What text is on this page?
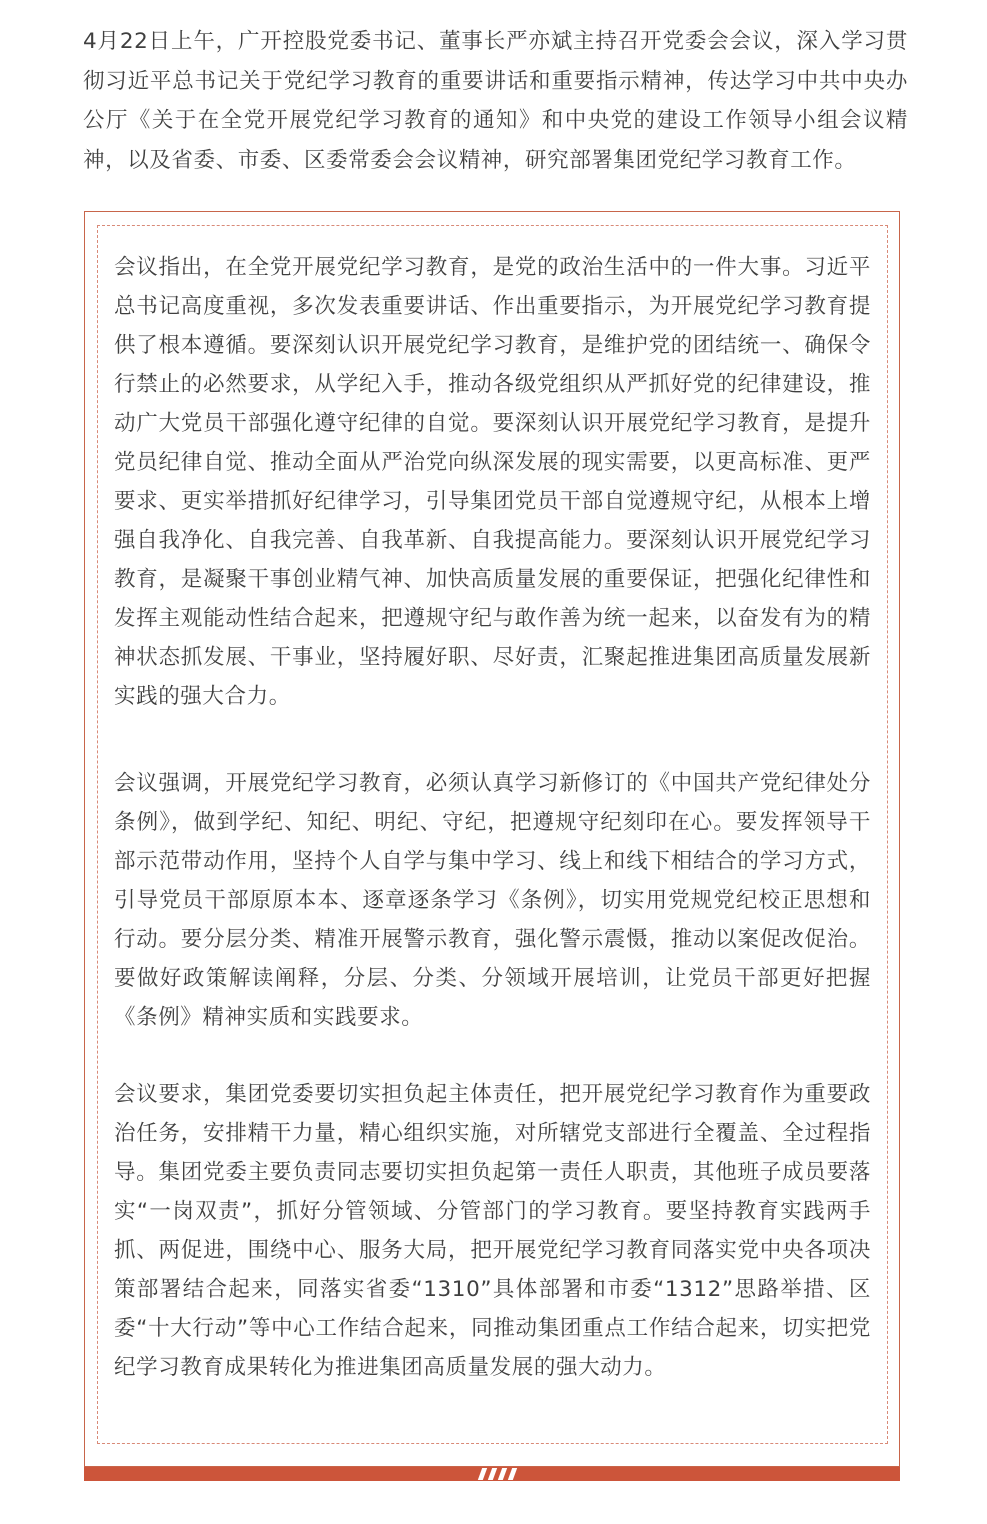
4月22日上午，广开控股党委书记、董事长严亦斌主持召开党委会会议，深入学习贯彻习近平总书记关于党纪学习教育的重要讲话和重要指示精神，传达学习中共中央办公厅《关于在全党开展党纪学习教育的通知》和中央党的建设工作领导小组会议精神，以及省委、市委、区委常委会会议精神，研究部署集团党纪学习教育工作。

会议指出，在全党开展党纪学习教育，是党的政治生活中的一件大事。习近平总书记高度重视，多次发表重要讲话、作出重要指示，为开展党纪学习教育提供了根本遵循。要深刻认识开展党纪学习教育，是维护党的团结统一、确保令行禁止的必然要求，从学纪入手，推动各级党组织从严抓好党的纪律建设，推动广大党员干部强化遵守纪律的自觉。要深刻认识开展党纪学习教育，是提升党员纪律自觉、推动全面从严治党向纵深发展的现实需要，以更高标准、更严要求、更实举措抓好纪律学习，引导集团党员干部自觉遵规守纪，从根本上增强自我净化、自我完善、自我革新、自我提高能力。要深刻认识开展党纪学习教育，是凝聚干事创业精气神、加快高质量发展的重要保证，把强化纪律性和发挥主观能动性结合起来，把遵规守纪与敢作善为统一起来，以奋发有为的精神状态抓发展、干事业，坚持履好职、尽好责，汇聚起推进集团高质量发展新实践的强大合力。

会议强调，开展党纪学习教育，必须认真学习新修订的《中国共产党纪律处分条例》，做到学纪、知纪、明纪、守纪，把遵规守纪刻印在心。要发挥领导干部示范带动作用，坚持个人自学与集中学习、线上和线下相结合的学习方式，引导党员干部原原本本、逐章逐条学习《条例》，切实用党规党纪校正思想和行动。要分层分类、精准开展警示教育，强化警示震慑，推动以案促改促治。要做好政策解读阐释，分层、分类、分领域开展培训，让党员干部更好把握《条例》精神实质和实践要求。

会议要求，集团党委要切实担负起主体责任，把开展党纪学习教育作为重要政治任务，安排精干力量，精心组织实施，对所辖党支部进行全覆盖、全过程指导。集团党委主要负责同志要切实担负起第一责任人职责，其他班子成员要落实“一岗双责”，抓好分管领域、分管部门的学习教育。要坚持教育实践两手抓、两促进，围绕中心、服务大局，把开展党纪学习教育同落实党中央各项决策部署结合起来，同落实省委“1310”具体部署和市委“1312”思路举措、区委“十大行动”等中心工作结合起来，同推动集团重点工作结合起来，切实把党纪学习教育成果转化为推进集团高质量发展的强大动力。
